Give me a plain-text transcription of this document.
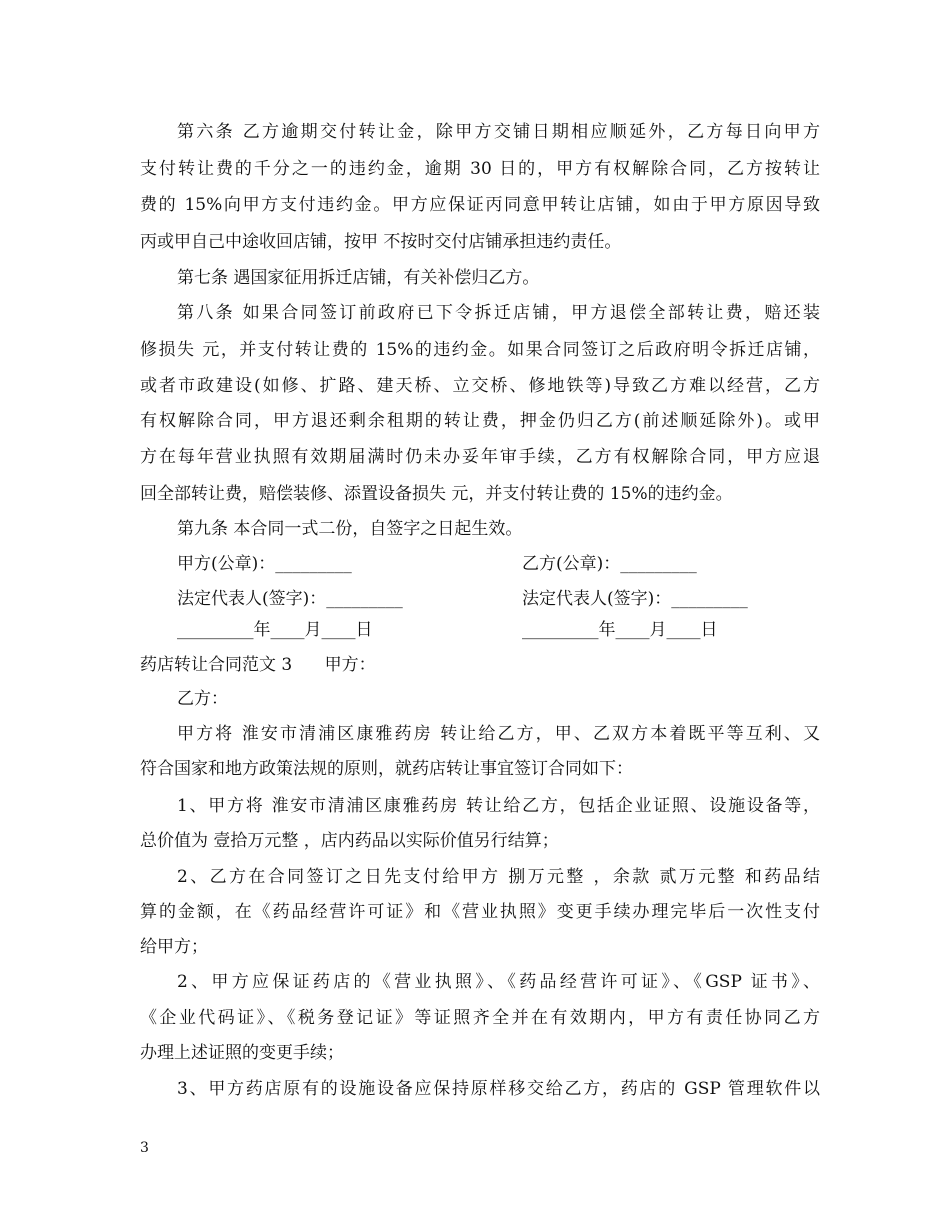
第六条 乙方逾期交付转让金，除甲方交铺日期相应顺延外，乙方每日向甲方
支付转让费的千分之一的违约金，逾期 30 日的，甲方有权解除合同，乙方按转让
费的 15%向甲方支付违约金。甲方应保证丙同意甲转让店铺，如由于甲方原因导致
丙或甲自己中途收回店铺，按甲 不按时交付店铺承担违约责任。
第七条 遇国家征用拆迁店铺，有关补偿归乙方。
第八条 如果合同签订前政府已下令拆迁店铺，甲方退偿全部转让费，赔还装
修损失 元，并支付转让费的 15%的违约金。如果合同签订之后政府明令拆迁店铺，
或者市政建设(如修、扩路、建天桥、立交桥、修地铁等)导致乙方难以经营，乙方
有权解除合同，甲方退还剩余租期的转让费，押金仍归乙方(前述顺延除外)。或甲
方在每年营业执照有效期届满时仍未办妥年审手续，乙方有权解除合同，甲方应退
回全部转让费，赔偿装修、添置设备损失 元，并支付转让费的 15%的违约金。
第九条 本合同一式二份，自签字之日起生效。
甲方(公章)：_________	乙方(公章)：_________
法定代表人(签字)：_________	法定代表人(签字)：_________
_________年____月____日	_________年____月____日
药店转让合同范文 3      甲方：
乙方：
甲方将 淮安市清浦区康雅药房 转让给乙方，甲、乙双方本着既平等互利、又
符合国家和地方政策法规的原则，就药店转让事宜签订合同如下：
1、甲方将 淮安市清浦区康雅药房 转让给乙方，包括企业证照、设施设备等，
总价值为 壹拾万元整 ，店内药品以实际价值另行结算；
2、乙方在合同签订之日先支付给甲方 捌万元整 ，余款 贰万元整 和药品结
算的金额，在《药品经营许可证》和《营业执照》变更手续办理完毕后一次性支付
给甲方；
2、甲方应保证药店的《营业执照》、《药品经营许可证》、《GSP 证书》、
《企业代码证》、《税务登记证》等证照齐全并在有效期内，甲方有责任协同乙方
办理上述证照的变更手续；
3、甲方药店原有的设施设备应保持原样移交给乙方，药店的 GSP 管理软件以
3
